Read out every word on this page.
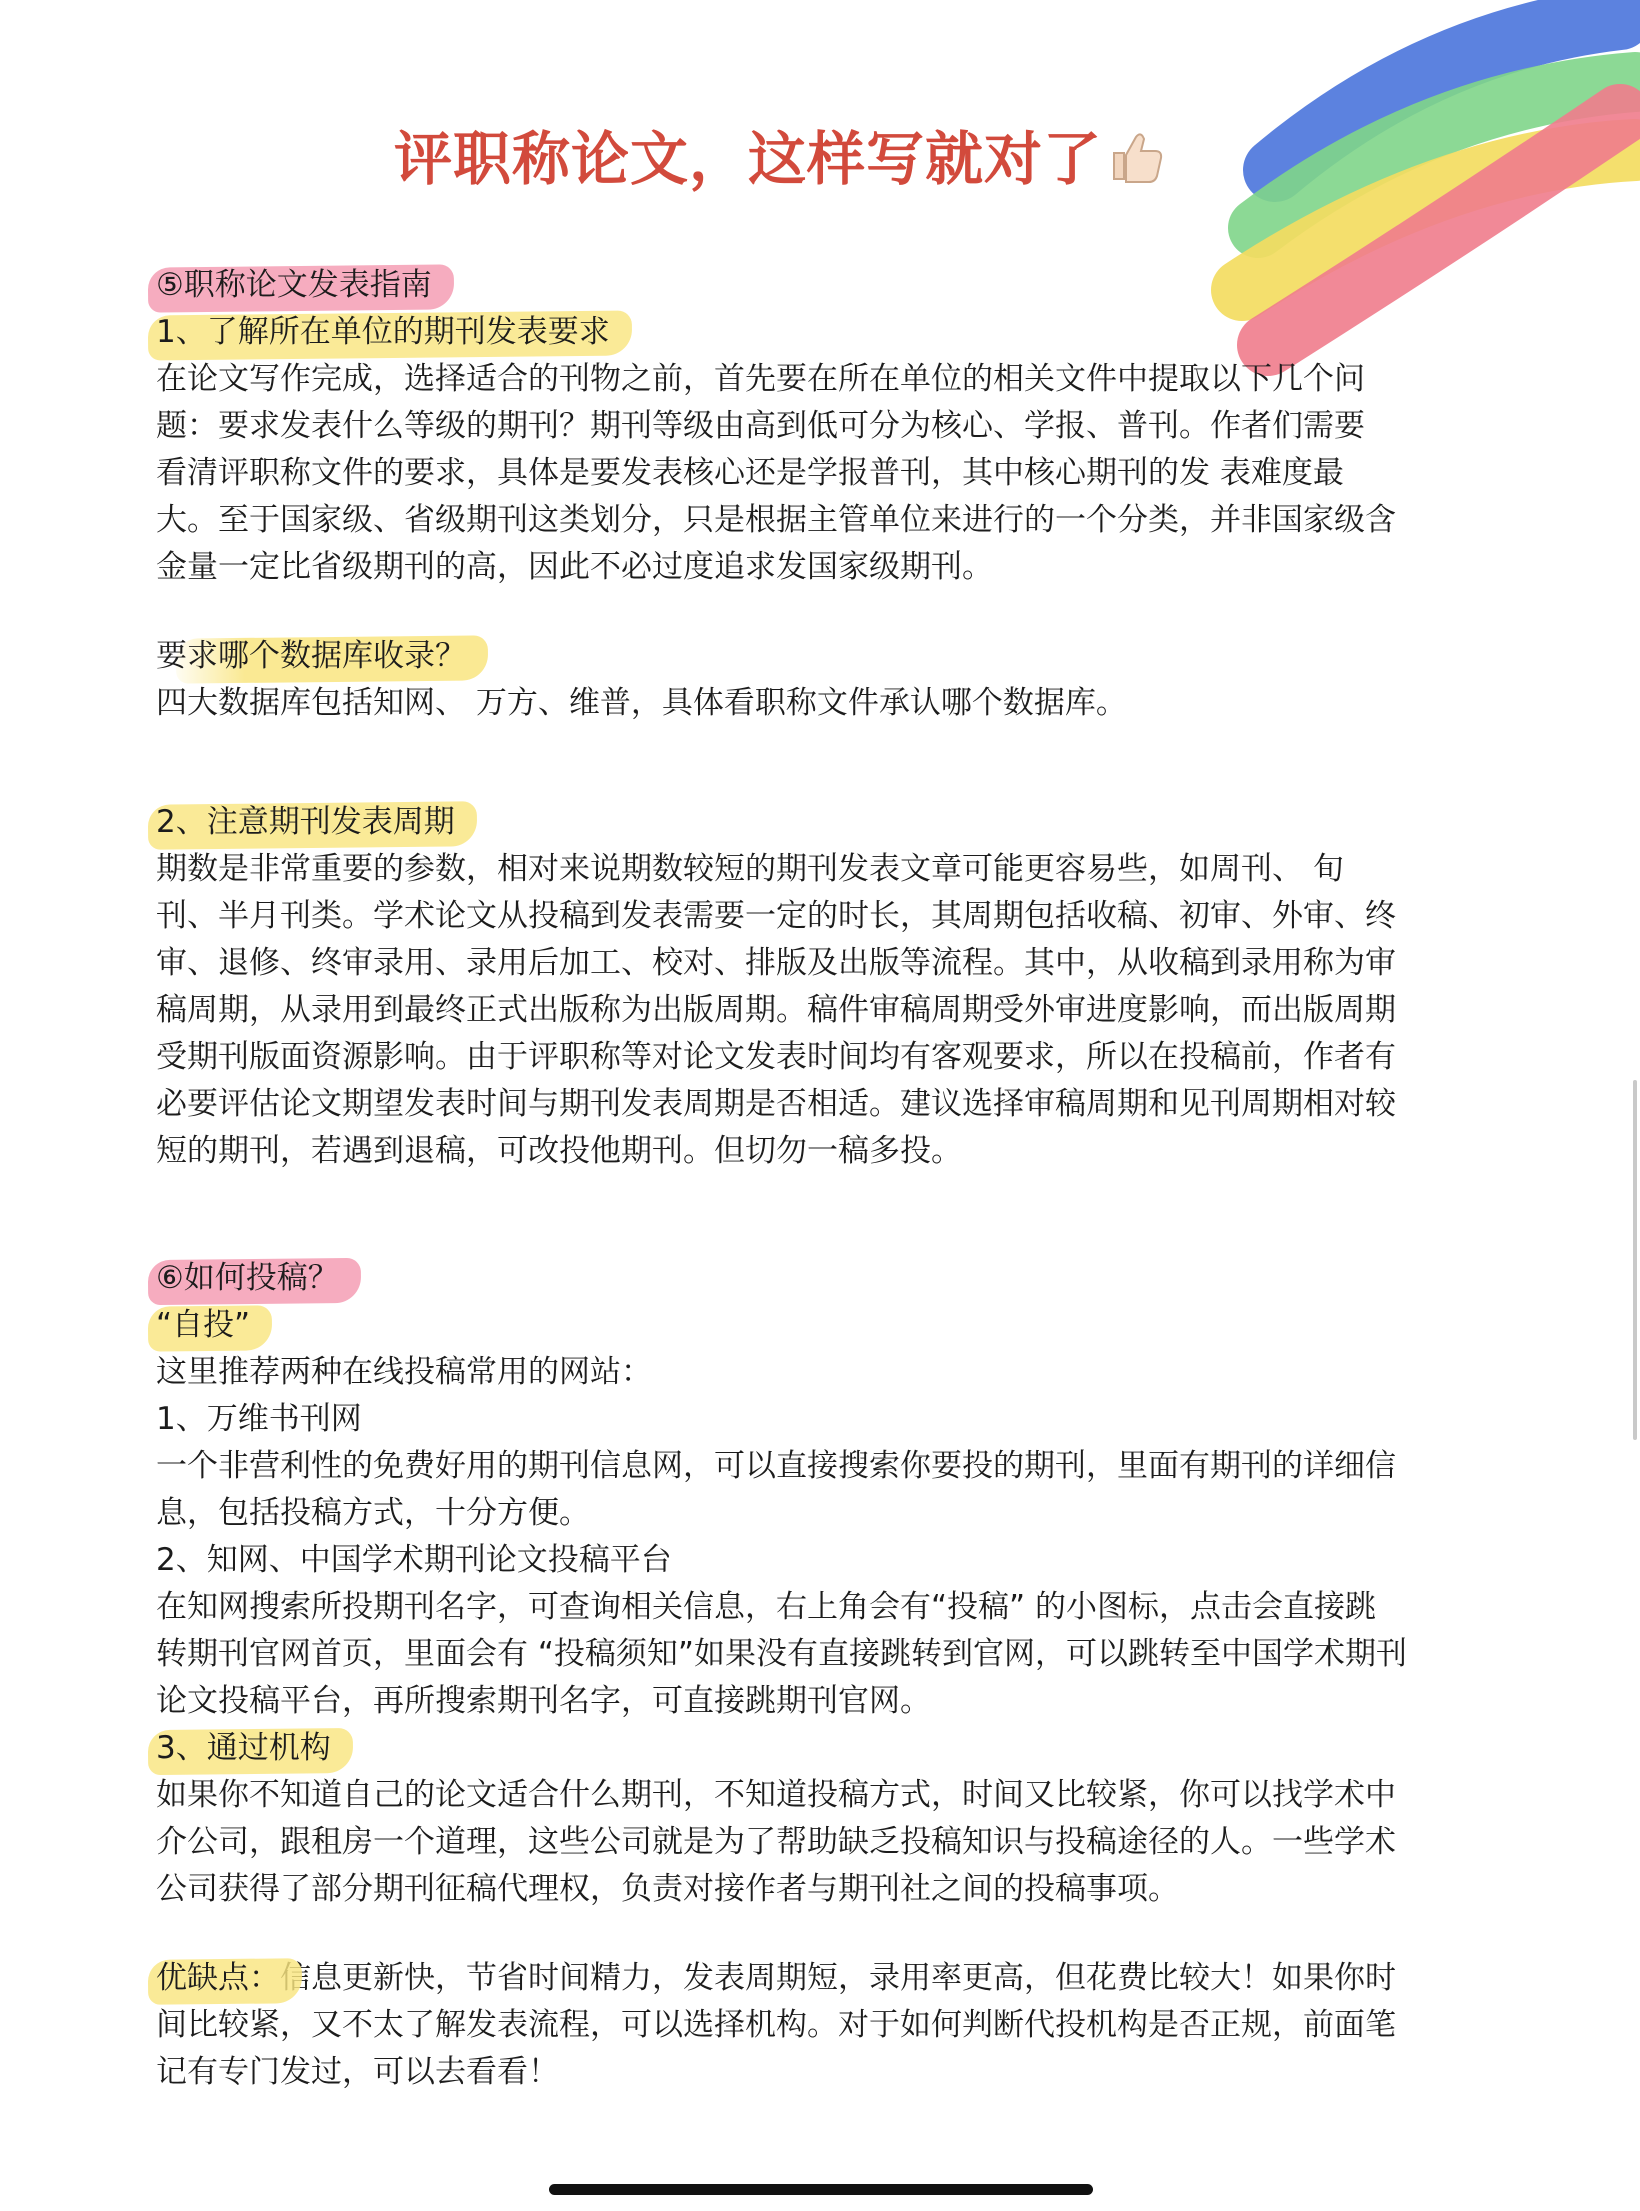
评职称论文，这样写就对了

⑤职称论文发表指南

1、了解所在单位的期刊发表要求

在论文写作完成，选择适合的刊物之前，首先要在所在单位的相关文件中提取以下几个问

题：要求发表什么等级的期刊？期刊等级由高到低可分为核心、学报、普刊。作者们需要

看清评职称文件的要求，具体是要发表核心还是学报普刊，其中核心期刊的发 表难度最

大。至于国家级、省级期刊这类划分，只是根据主管单位来进行的一个分类，并非国家级含

金量一定比省级期刊的高，因此不必过度追求发国家级期刊。

要求哪个数据库收录？

四大数据库包括知网、 万方、维普，具体看职称文件承认哪个数据库。

2、注意期刊发表周期

期数是非常重要的参数，相对来说期数较短的期刊发表文章可能更容易些，如周刊、 旬

刊、半月刊类。学术论文从投稿到发表需要一定的时长，其周期包括收稿、初审、外审、终

审、退修、终审录用、录用后加工、校对、排版及出版等流程。其中，从收稿到录用称为审

稿周期，从录用到最终正式出版称为出版周期。稿件审稿周期受外审进度影响，而出版周期

受期刊版面资源影响。由于评职称等对论文发表时间均有客观要求，所以在投稿前，作者有

必要评估论文期望发表时间与期刊发表周期是否相适。建议选择审稿周期和见刊周期相对较

短的期刊，若遇到退稿，可改投他期刊。但切勿一稿多投。

⑥如何投稿？

“自投”

这里推荐两种在线投稿常用的网站：

1、万维书刊网

一个非营利性的免费好用的期刊信息网，可以直接搜索你要投的期刊，里面有期刊的详细信

息，包括投稿方式，十分方便。

2、知网、中国学术期刊论文投稿平台

在知网搜索所投期刊名字，可查询相关信息，右上角会有“投稿” 的小图标，点击会直接跳

转期刊官网首页，里面会有 “投稿须知”如果没有直接跳转到官网，可以跳转至中国学术期刊

论文投稿平台，再所搜索期刊名字，可直接跳期刊官网。

3、通过机构

如果你不知道自己的论文适合什么期刊，不知道投稿方式，时间又比较紧，你可以找学术中

介公司，跟租房一个道理，这些公司就是为了帮助缺乏投稿知识与投稿途径的人。一些学术

公司获得了部分期刊征稿代理权，负责对接作者与期刊社之间的投稿事项。

优缺点：信息更新快，节省时间精力，发表周期短，录用率更高，但花费比较大！如果你时

间比较紧，又不太了解发表流程，可以选择机构。对于如何判断代投机构是否正规，前面笔

记有专门发过，可以去看看！
